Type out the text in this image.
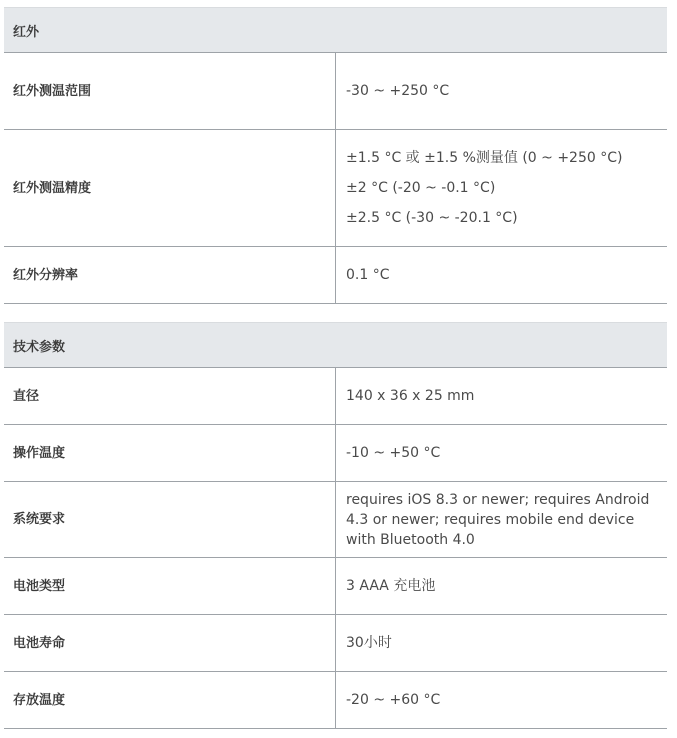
红外	
红外测温范围	-30 ~ +250 °C

红外测温精度	±1.5 °C 或 ±1.5 %测量值 (0 ~ +250 °C)
±2 °C (-20 ~ -0.1 °C)
±2.5 °C (-30 ~ -20.1 °C)

红外分辨率	0.1 °C
技术参数	
直径	140 x 36 x 25 mm

操作温度	-10 ~ +50 °C

系统要求	requires iOS 8.3 or newer; requires Android 4.3 or newer; requires mobile end device with Bluetooth 4.0

电池类型	3 AAA 充电池

电池寿命	30小时

存放温度	-20 ~ +60 °C
